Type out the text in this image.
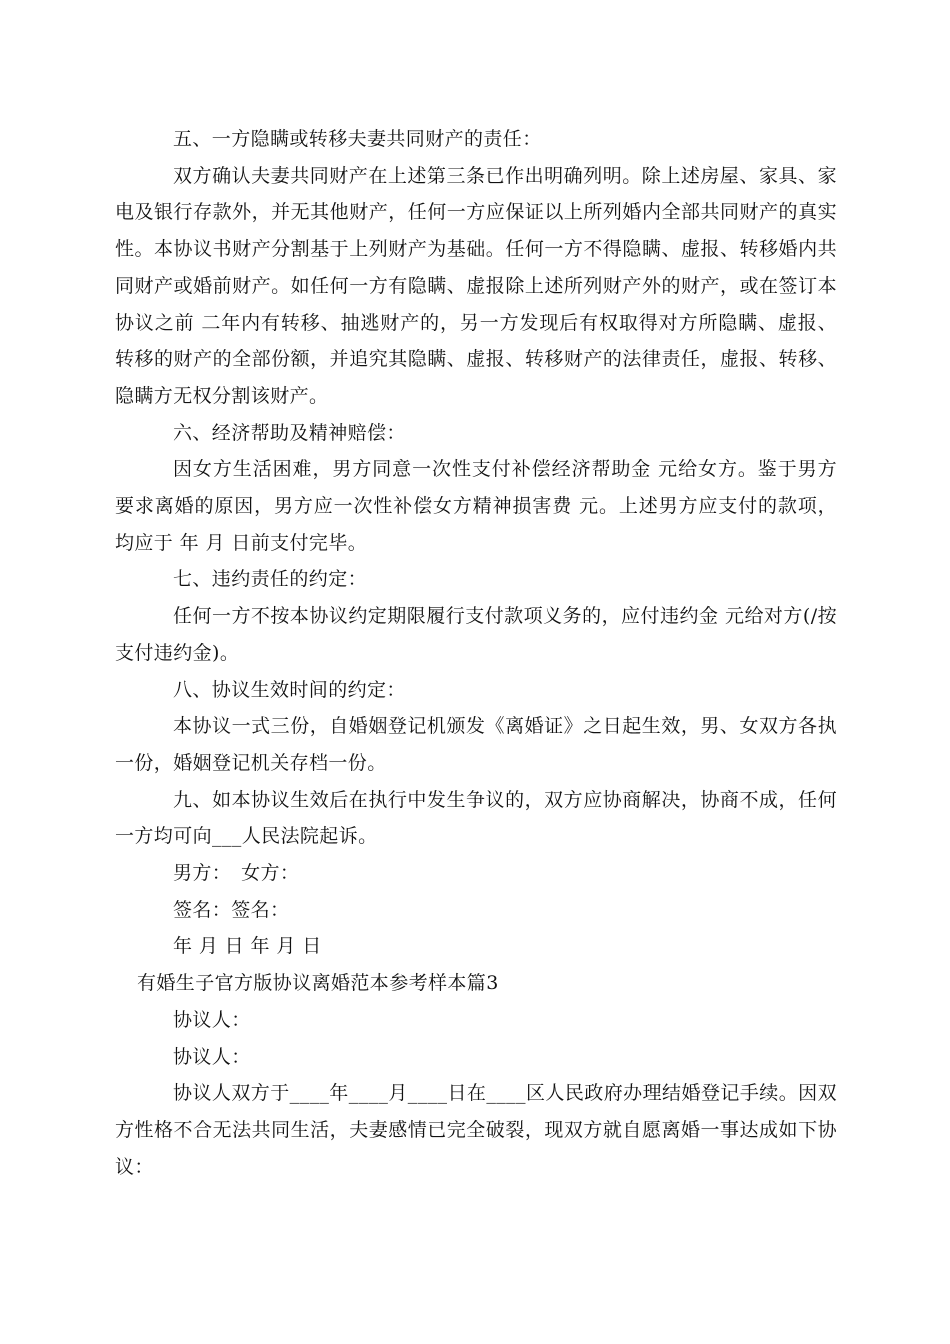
五、一方隐瞒或转移夫妻共同财产的责任：

双方确认夫妻共同财产在上述第三条已作出明确列明。除上述房屋、家具、家电及银行存款外，并无其他财产，任何一方应保证以上所列婚内全部共同财产的真实性。本协议书财产分割基于上列财产为基础。任何一方不得隐瞒、虚报、转移婚内共同财产或婚前财产。如任何一方有隐瞒、虚报除上述所列财产外的财产，或在签订本协议之前 二年内有转移、抽逃财产的，另一方发现后有权取得对方所隐瞒、虚报、转移的财产的全部份额，并追究其隐瞒、虚报、转移财产的法律责任，虚报、转移、隐瞒方无权分割该财产。

六、经济帮助及精神赔偿：

因女方生活困难，男方同意一次性支付补偿经济帮助金 元给女方。鉴于男方要求离婚的原因，男方应一次性补偿女方精神损害费 元。上述男方应支付的款项，均应于 年 月 日前支付完毕。

七、违约责任的约定：

任何一方不按本协议约定期限履行支付款项义务的，应付违约金 元给对方(/按支付违约金)。

八、协议生效时间的约定：

本协议一式三份，自婚姻登记机颁发《离婚证》之日起生效，男、女双方各执一份，婚姻登记机关存档一份。

九、如本协议生效后在执行中发生争议的，双方应协商解决，协商不成，任何一方均可向___人民法院起诉。

男方：　女方：

签名：签名：

年 月 日 年 月 日

有婚生子官方版协议离婚范本参考样本篇3

协议人：

协议人：

协议人双方于____年____月____日在____区人民政府办理结婚登记手续。因双方性格不合无法共同生活，夫妻感情已完全破裂，现双方就自愿离婚一事达成如下协议：
